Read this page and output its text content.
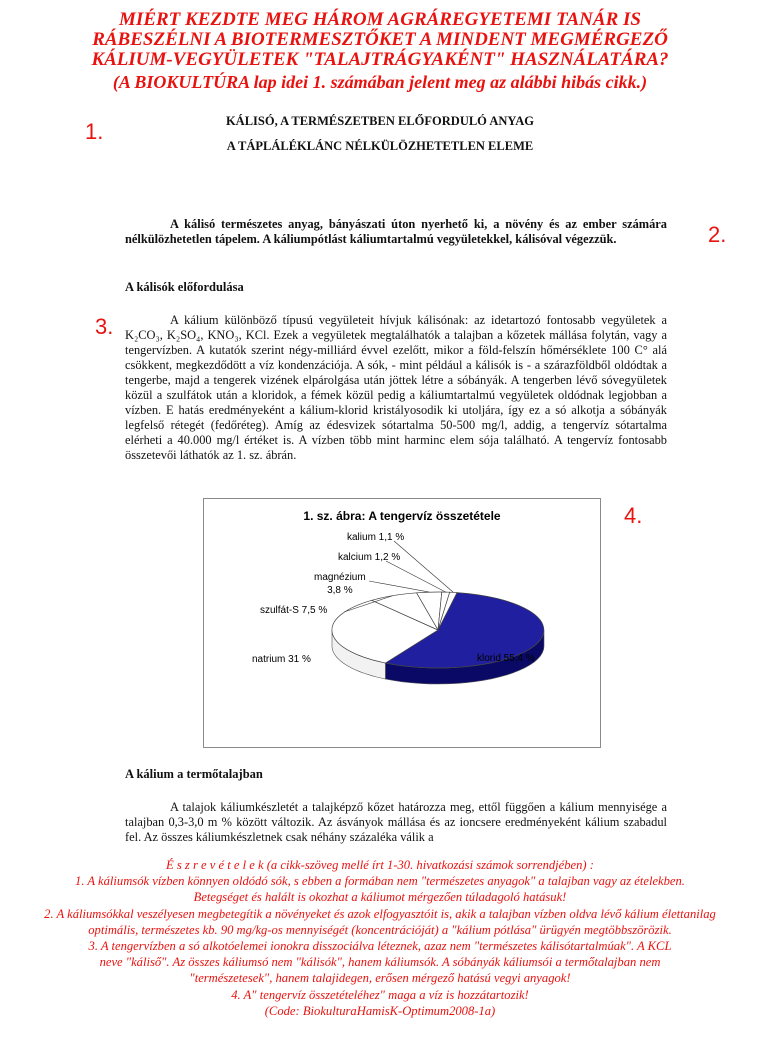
MIÉRT KEZDTE MEG HÁROM AGRÁREGYETEMI TANÁR IS
RÁBESZÉLNI A BIOTERMESZTŐKET A MINDENT MEGMÉRGEZŐ
KÁLIUM-VEGYÜLETEK "TALAJTRÁGYAKÉNT" HASZNÁLATÁRA?
(A BIOKULTÚRA lap idei 1. számában jelent meg az alábbi hibás cikk.)
1.
2.
3.
4.
KÁLISÓ, A TERMÉSZETBEN ELŐFORDULÓ ANYAG
A TÁPLÁLÉKLÁNC NÉLKÜLÖZHETETLEN ELEME
A kálisó természetes anyag, bányászati úton nyerhető ki, a növény és az ember számára nélkülözhetetlen tápelem. A káliumpótlást káliumtartalmú vegyületekkel, kálisóval végezzük.
A kálisók előfordulása
A kálium különböző típusú vegyületeit hívjuk kálisónak: az idetartozó fontosabb vegyületek a K₂CO₃, K₂SO₄, KNO₃, KCl. Ezek a vegyületek megtalálhatók a talajban a kőzetek mállása folytán, vagy a tengervízben. A kutatók szerint négy-milliárd évvel ezelőtt, mikor a föld-felszín hőmérséklete 100 C° alá csökkent, megkezdődött a víz kondenzációja. A sók, - mint például a kálisók is - a szárazföldből oldódtak a tengerbe, majd a tengerek vizének elpárolgása után jöttek létre a sóbányák. A tengerben lévő sóvegyületek közül a szulfátok után a kloridok, a fémek közül pedig a káliumtartalmú vegyületek oldódnak legjobban a vízben. E hatás eredményeként a kálium-klorid kristályosodik ki utoljára, így ez a só alkotja a sóbányák legfelső rétegét (fedőréteg). Amíg az édesvizek sótartalma 50-500 mg/l, addig, a tengervíz sótartalma elérheti a 40.000 mg/l értéket is. A vízben több mint harminc elem sója található. A tengervíz fontosabb összetevői láthatók az 1. sz. ábrán.
1. sz. ábra: A tengervíz összetétele
kalium 1,1 %
kalcium 1,2 %
magnézium
3,8 %
szulfát-S 7,5 %
natrium 31 %	klorid 55,4 %
A kálium a termőtalajban
A talajok káliumkészletét a talajképző kőzet határozza meg, ettől függően a kálium mennyisége a talajban 0,3-3,0 m % között változik. Az ásványok mállása és az ioncsere eredményeként kálium szabadul fel. Az összes káliumkészletnek csak néhány százaléka válik a
É s z r e v é t e l e k (a cikk-szöveg mellé írt 1-30. hivatkozási számok sorrendjében) :
1. A káliumsók vízben könnyen oldódó sók, s ebben a formában nem "természetes anyagok" a talajban vagy az ételekben.
Betegséget és halált is okozhat a káliumot mérgezően túladagoló hatásuk!
2. A káliumsókkal veszélyesen megbetegítik a növényeket és azok elfogyasztóit is, akik a talajban vízben oldva lévő kálium élettanilag
optimális, természetes kb. 90 mg/kg-os mennyiségét (koncentrációját) a "kálium pótlása" ürügyén megtöbbszörözik.
3. A tengervízben a só alkotóelemei ionokra disszociálva léteznek, azaz nem "természetes kálisótartalmúak". A KCL
neve "káliső". Az összes káliumsó nem "kálisók", hanem káliumsók. A sóbányák káliumsói a termőtalajban nem
"természetesek", hanem talajidegen, erősen mérgező hatású vegyi anyagok!
4. A" tengervíz összetételéhez" maga a víz is hozzátartozik!
(Code: BiokulturaHamisK-Optimum2008-1a)
